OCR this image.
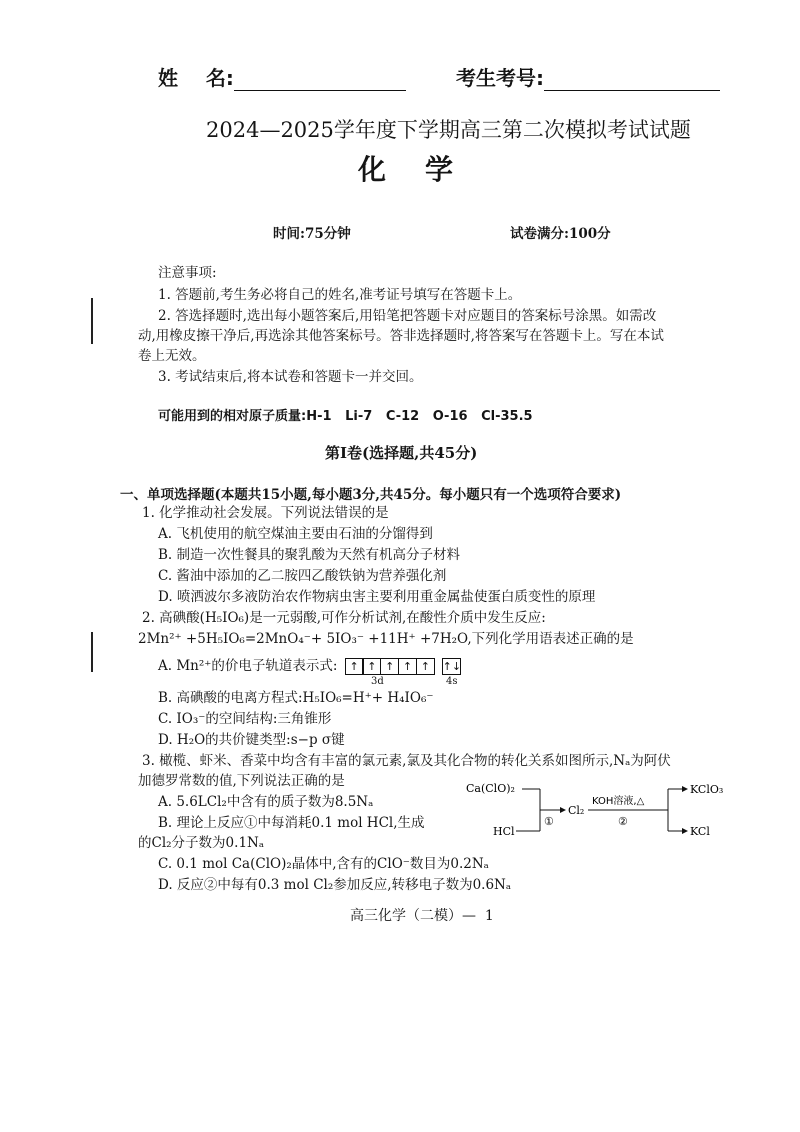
姓    名:	考生考号:
2024—2025学年度下学期高三第二次模拟考试试题
化    学
时间:75分钟	试卷满分:100分
注意事项:
1. 答题前,考生务必将自己的姓名,准考证号填写在答题卡上。
2. 答选择题时,选出每小题答案后,用铅笔把答题卡对应题目的答案标号涂黑。如需改
动,用橡皮擦干净后,再选涂其他答案标号。答非选择题时,将答案写在答题卡上。写在本试
卷上无效。
3. 考试结束后,将本试卷和答题卡一并交回。
可能用到的相对原子质量:H-1   Li-7   C-12   O-16   Cl-35.5
第Ⅰ卷(选择题,共45分)
一、单项选择题(本题共15小题,每小题3分,共45分。每小题只有一个选项符合要求)
1. 化学推动社会发展。下列说法错误的是
A. 飞机使用的航空煤油主要由石油的分馏得到
B. 制造一次性餐具的聚乳酸为天然有机高分子材料
C. 酱油中添加的乙二胺四乙酸铁钠为营养强化剂
D. 喷洒波尔多液防治农作物病虫害主要利用重金属盐使蛋白质变性的原理
2. 高碘酸(H₅IO₆)是一元弱酸,可作分析试剂,在酸性介质中发生反应:
2Mn²⁺ +5H₅IO₆=2MnO₄⁻+ 5IO₃⁻ +11H⁺ +7H₂O,下列化学用语表述正确的是
A. Mn²⁺的价电子轨道表示式:	↑ ↑ ↑ ↑ ↑	↑↓
3d	4s
B. 高碘酸的电离方程式:H₅IO₆=H⁺+ H₄IO₆⁻
C. IO₃⁻的空间结构:三角锥形
D. H₂O的共价键类型:s−p σ键
3. 橄榄、虾米、香菜中均含有丰富的氯元素,氯及其化合物的转化关系如图所示,Nₐ为阿伏
加德罗常数的值,下列说法正确的是
A. 5.6LCl₂中含有的质子数为8.5Nₐ
B. 理论上反应①中每消耗0.1 mol HCl,生成
的Cl₂分子数为0.1Nₐ
C. 0.1 mol Ca(ClO)₂晶体中,含有的ClO⁻数目为0.2Nₐ
D. 反应②中每有0.3 mol Cl₂参加反应,转移电子数为0.6Nₐ
Ca(ClO)₂
HCl
①
Cl₂
KOH溶液,△
②
KClO₃
KCl
高三化学（二模）—  1
